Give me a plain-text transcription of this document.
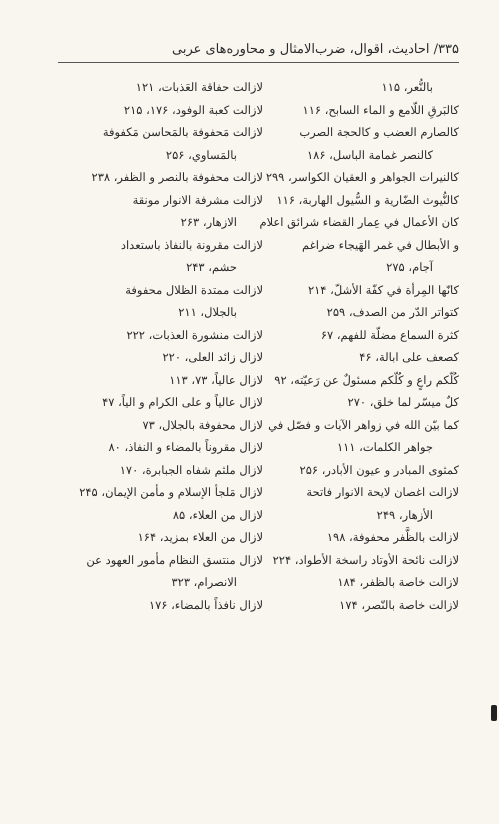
۳۳۵/ احادیث، اقوال، ضرب‌الامثال و محاوره‌های عربی
بالنُّعر، ۱۱۵
کالبَرقِ اللّامع و الماء السابح، ۱۱۶
کالصارم العضب و کالحجة الصرب
کالنصر غمامة الباسل، ۱۸۶
کالنیرات الجواهر و العقیان الکواسر، ۲۹۹
کالنُّیوث الضّاریة و السُّیول الهاربة، ۱۱۶
کان الأعمال في عِمار القضاء شرائق اعلام
و الأبطال في غمر الهَیجاء ضراغم
آجام، ۲۷۵
کانّها المِرأة في كفّة الأشلّ، ۲۱۴
کتواتر الدّر من الصدف، ۲۵۹
کثرة السماع مضلّة للفهم، ۶۷
کصعف علی ابالة، ۴۶
کُلّکم راعٍ و کُلّکم مسئولٌ عن رَعیّته، ۹۲
کلٌ میسّر لما خلق، ۲۷۰
کما بیّن الله في زواهر الآیات و فصّل في
جواهر الکلمات، ۱۱۱
کمثوی المبادر و عیون الأبادر، ۲۵۶
لازالت اغصان لایحة الانوار فاتحة
الأزهار، ۲۴۹
لازالت بالظَّفر محفوفة، ۱۹۸
لازالت نائحة الأوتاد راسخة الأطواد، ۲۲۴
لازالت خاصة بالظفر، ۱۸۴
لازالت خاصة بالنّصر، ۱۷۴
لازالت حفاقة العَذبات، ۱۲۱
لازالت کعبة الوفود، ۱۷۶، ۲۱۵
لازالت مَحفوفة بالمَحاسن مَکفوفة
بالمَساوي، ۲۵۶
لازالت محفوفة بالنصر و الظفر، ۲۳۸
لازالت مشرفة الانوار مونقة
الازهار، ۲۶۳
لازالت مقرونة بالنفاذ باستعداد
حشم، ۲۴۳
لازالت ممتدة الظلال محفوفة
بالجلال، ۲۱۱
لازالت منشورة العذبات، ۲۲۲
لازال زائد العلی، ۲۲۰
لازال عالیاً، ۷۳، ۱۱۳
لازال عالیاً و علی الکرام و الیاً، ۴۷
لازال محفوفة بالجلال، ۷۳
لازال مقروناً بالمضاء و النفاذ، ۸۰
لازال ملثم شفاه الجبابرة، ۱۷۰
لازال مَلجأ الإسلام و مأمن الإیمان، ۲۴۵
لازال من العلاء، ۸۵
لازال من العلاء بمزید، ۱۶۴
لازال منتسق النظام مأمور العهود عن
الانصرام، ۳۲۳
لازال نافذاً بالمضاء، ۱۷۶
